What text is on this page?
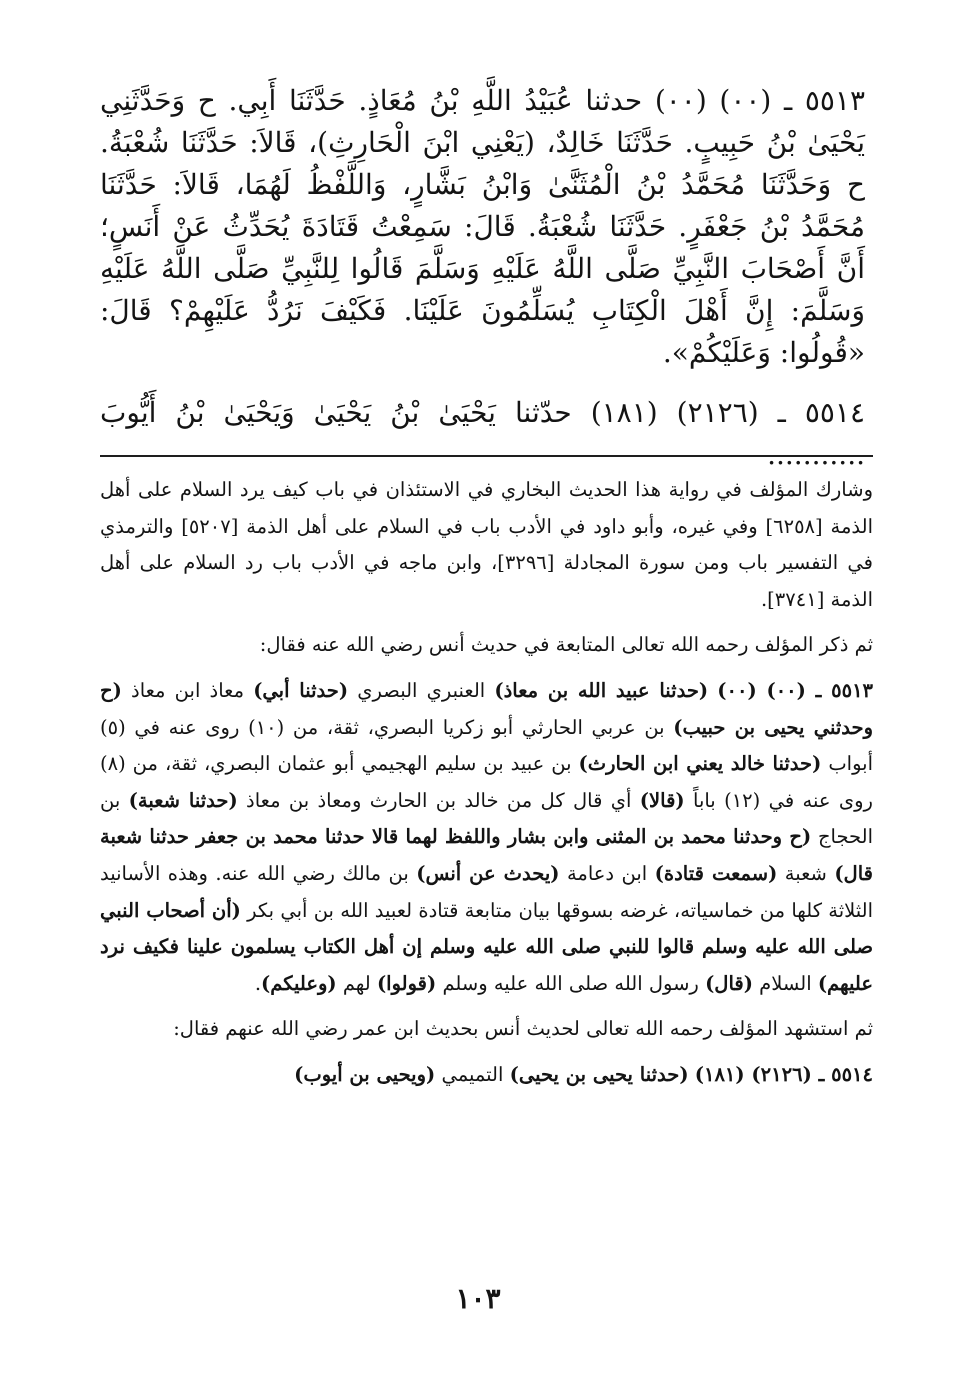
٥٥١٣ ـ (٠٠) (٠٠) حدثنا عُبَيْدُ اللَّهِ بْنُ مُعَاذٍ. حَدَّثَنَا أَبِي. ح وَحَدَّثَنِي يَحْيَىٰ بْنُ حَبِيبٍ. حَدَّثَنَا خَالِدٌ، (يَعْنِي ابْنَ الْحَارِثِ)، قَالاَ: حَدَّثَنَا شُعْبَةُ. ح وَحَدَّثَنَا مُحَمَّدُ بْنُ الْمُثَنَّىٰ وَابْنُ بَشَّارٍ، وَاللَّفْظُ لَهُمَا، قَالاَ: حَدَّثَنَا مُحَمَّدُ بْنُ جَعْفَرٍ. حَدَّثَنَا شُعْبَةُ. قَالَ: سَمِعْتُ قَتَادَةَ يُحَدِّثُ عَنْ أَنَسٍ؛ أَنَّ أَصْحَابَ النَّبِيِّ صَلَّى اللَّهُ عَلَيْهِ وَسَلَّمَ قَالُوا لِلنَّبِيِّ صَلَّى اللَّهُ عَلَيْهِ وَسَلَّمَ: إِنَّ أَهْلَ الْكِتَابِ يُسَلِّمُونَ عَلَيْنَا. فَكَيْفَ نَرُدُّ عَلَيْهِمْ؟ قَالَ: «قُولُوا: وَعَلَيْكُمْ».

٥٥١٤ ـ (٢١٢٦) (١٨١) حدّثنا يَحْيَىٰ بْنُ يَحْيَىٰ وَيَحْيَىٰ بْنُ أَيُّوبَ ...........

وشارك المؤلف في رواية هذا الحديث البخاري في الاستئذان في باب كيف يرد السلام على أهل الذمة [٦٢٥٨] وفي غيره، وأبو داود في الأدب باب في السلام على أهل الذمة [٥٢٠٧] والترمذي في التفسير باب ومن سورة المجادلة [٣٢٩٦]، وابن ماجه في الأدب باب رد السلام على أهل الذمة [٣٧٤١].

ثم ذكر المؤلف رحمه الله تعالى المتابعة في حديث أنس رضي الله عنه فقال:

٥٥١٣ ـ (٠٠) (٠٠) (حدثنا عبيد الله بن معاذ) العنبري البصري (حدثنا أبي) معاذ ابن معاذ (ح وحدثني يحيى بن حبيب) بن عربي الحارثي أبو زكريا البصري، ثقة، من (١٠) روى عنه في (٥) أبواب (حدثنا خالد يعني ابن الحارث) بن عبيد بن سليم الهجيمي أبو عثمان البصري، ثقة، من (٨) روى عنه في (١٢) باباً (قالا) أي قال كل من خالد بن الحارث ومعاذ بن معاذ (حدثنا شعبة) بن الحجاج (ح وحدثنا محمد بن المثنى وابن بشار واللفظ لهما قالا حدثنا محمد بن جعفر حدثنا شعبة قال) شعبة (سمعت قتادة) ابن دعامة (يحدث عن أنس) بن مالك رضي الله عنه. وهذه الأسانيد الثلاثة كلها من خماسياته، غرضه بسوقها بيان متابعة قتادة لعبيد الله بن أبي بكر (أن أصحاب النبي صلى الله عليه وسلم قالوا للنبي صلى الله عليه وسلم إن أهل الكتاب يسلمون علينا فكيف نرد عليهم) السلام (قال) رسول الله صلى الله عليه وسلم (قولوا) لهم (وعليكم).

ثم استشهد المؤلف رحمه الله تعالى لحديث أنس بحديث ابن عمر رضي الله عنهم فقال:

٥٥١٤ ـ (٢١٢٦) (١٨١) (حدثنا يحيى بن يحيى) التميمي (ويحيى بن أيوب)

١٠٣
